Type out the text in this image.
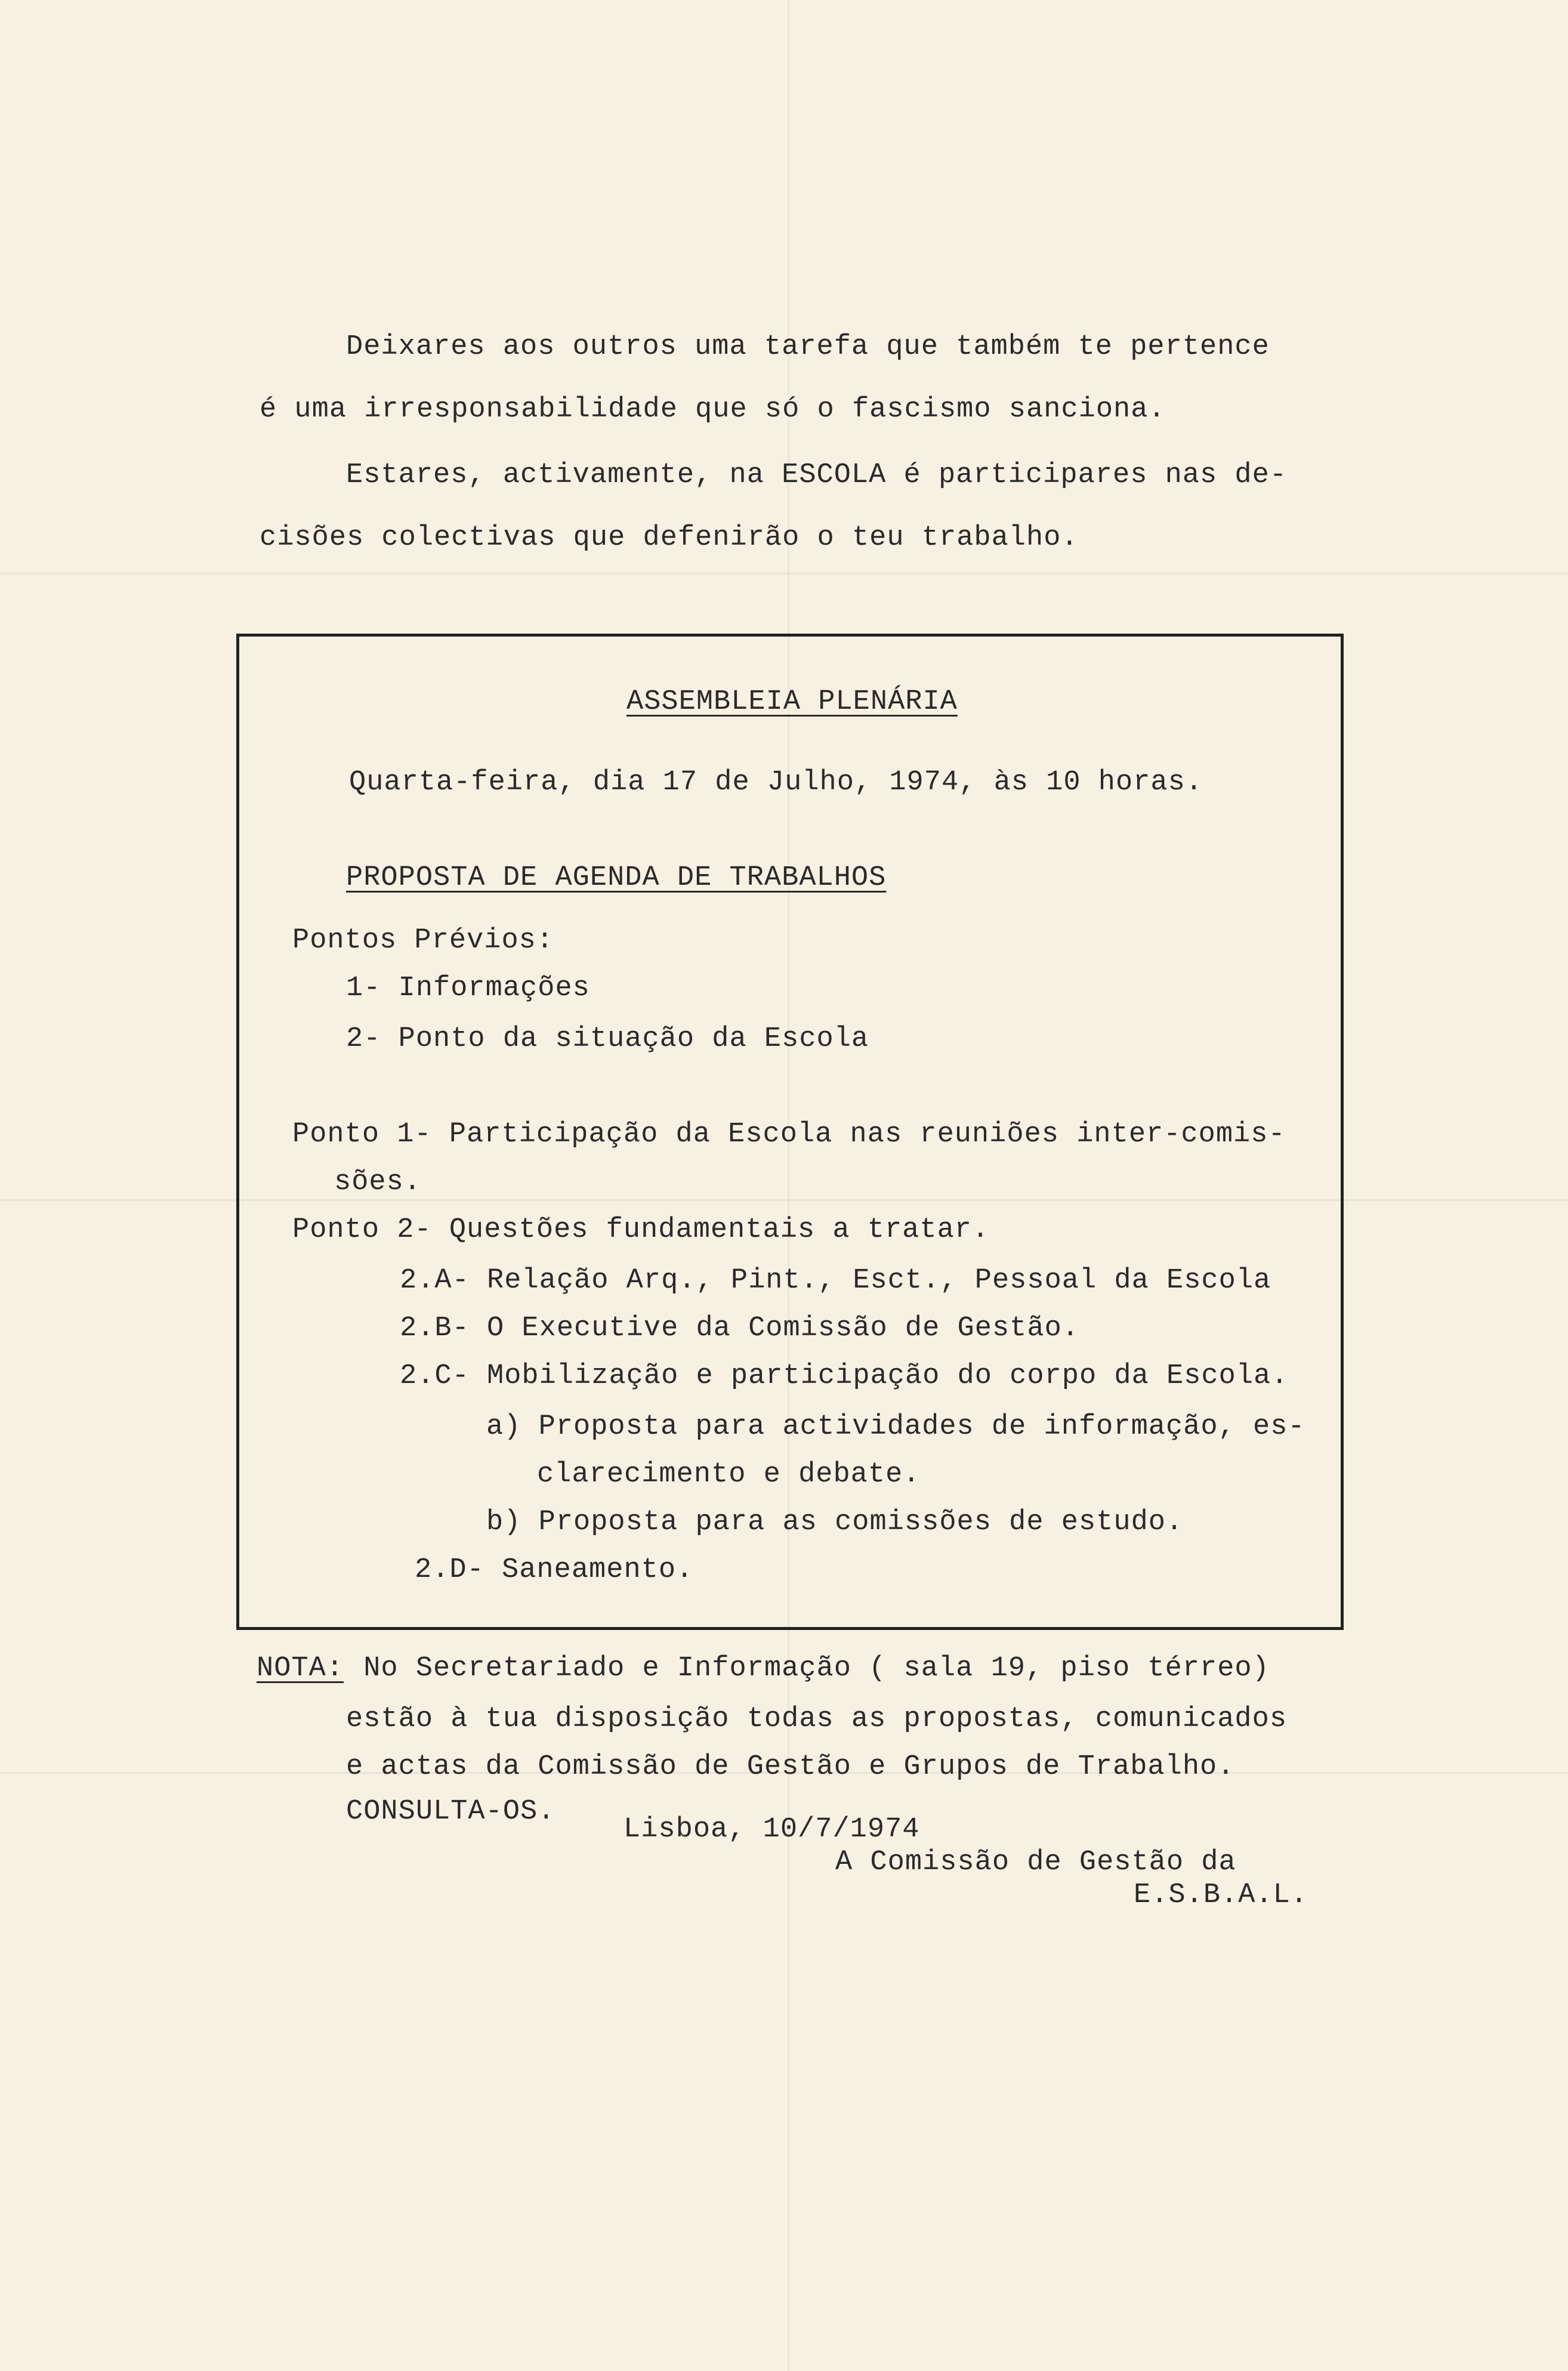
Deixares aos outros uma tarefa que também te pertence
é uma irresponsabilidade que só o fascismo sanciona.
Estares, activamente, na ESCOLA é participares nas de-
cisões colectivas que defenirão o teu trabalho.
ASSEMBLEIA PLENÁRIA
Quarta-feira, dia 17 de Julho, 1974, às 10 horas.
PROPOSTA DE AGENDA DE TRABALHOS
Pontos Prévios:
1- Informações
2- Ponto da situação da Escola
Ponto 1- Participação da Escola nas reuniões inter-comis-
sões.
Ponto 2- Questões fundamentais a tratar.
2.A- Relação Arq., Pint., Esct., Pessoal da Escola
2.B- O Executive da Comissão de Gestão.
2.C- Mobilização e participação do corpo da Escola.
a) Proposta para actividades de informação, es-
clarecimento e debate.
b) Proposta para as comissões de estudo.
2.D- Saneamento.
NOTA: No Secretariado e Informação ( sala 19, piso térreo)
estão à tua disposição todas as propostas, comunicados
e actas da Comissão de Gestão e Grupos de Trabalho.
CONSULTA-OS.
Lisboa, 10/7/1974
A Comissão de Gestão da
E.S.B.A.L.
